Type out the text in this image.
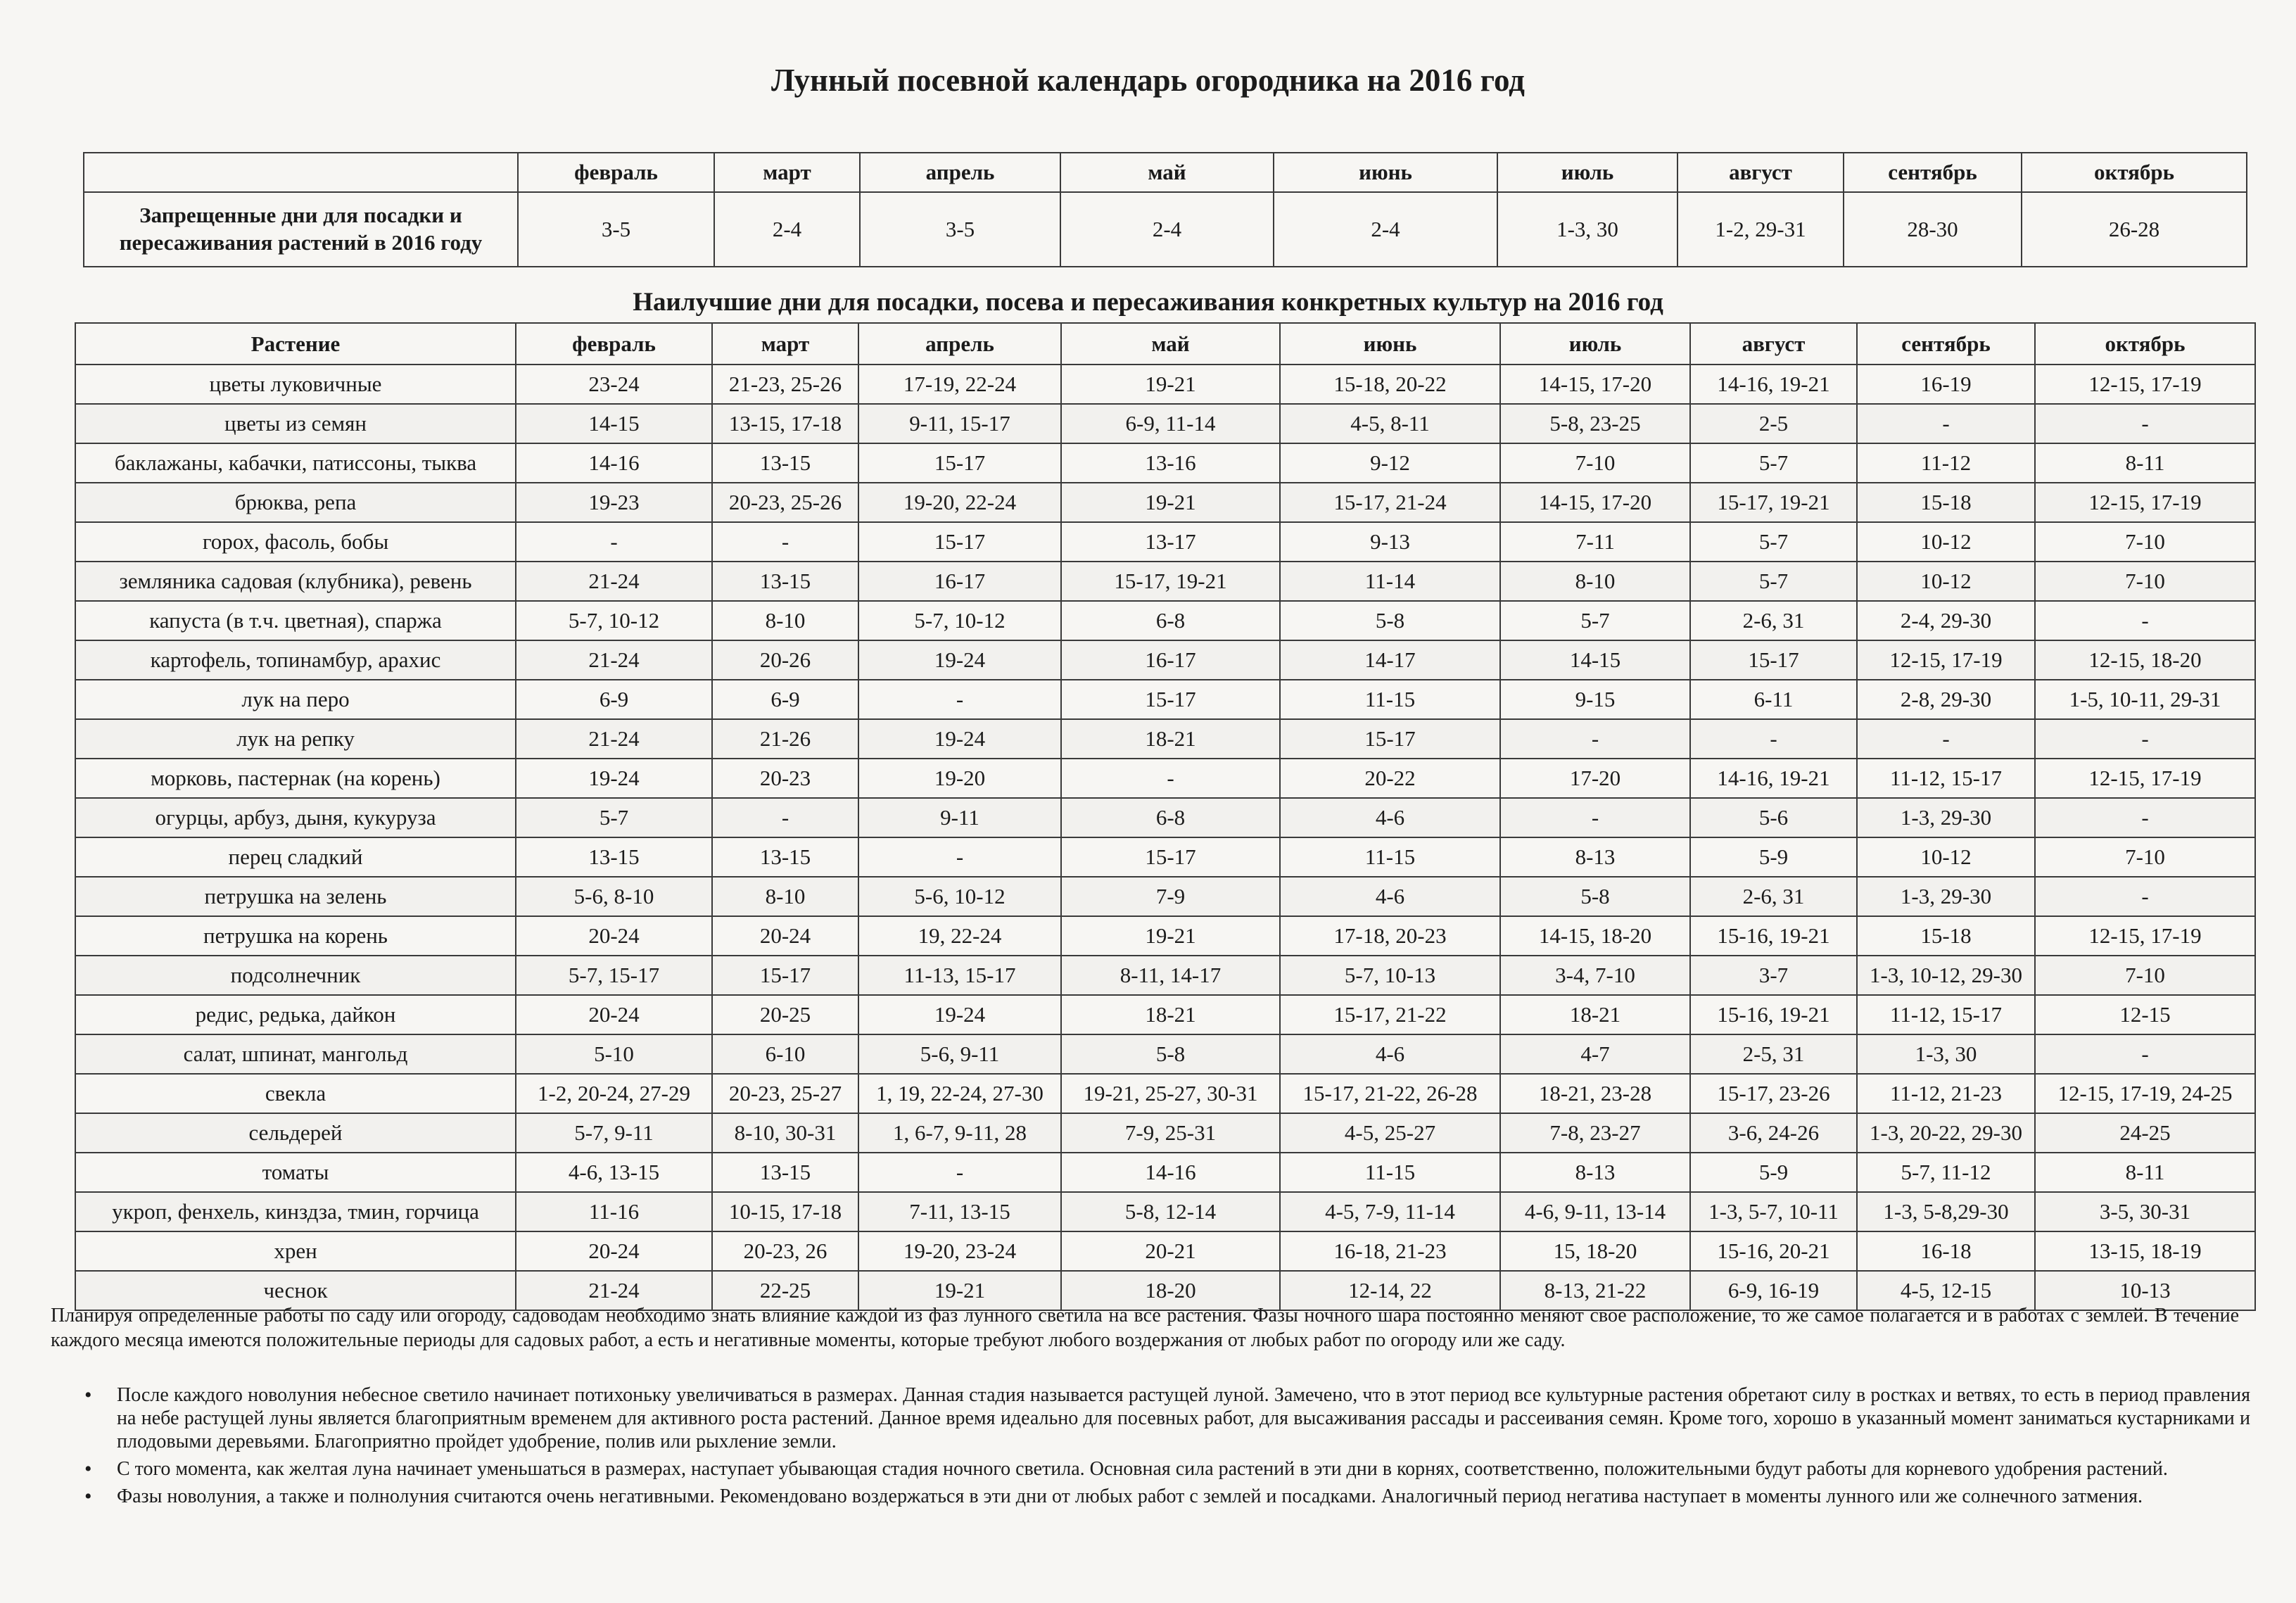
Лунный посевной календарь огородника на 2016 год
	февраль	март	апрель	май	июнь	июль	август	сентябрь	октябрь
Запрещенные дни для посадки и пересаживания растений в 2016 году	3-5	2-4	3-5	2-4	2-4	1-3, 30	1-2, 29-31	28-30	26-28
Наилучшие дни для посадки, посева и пересаживания конкретных культур на 2016 год
Растение	февраль	март	апрель	май	июнь	июль	август	сентябрь	октябрь
цветы луковичные	23-24	21-23, 25-26	17-19, 22-24	19-21	15-18, 20-22	14-15, 17-20	14-16, 19-21	16-19	12-15, 17-19
цветы из семян	14-15	13-15, 17-18	9-11, 15-17	6-9, 11-14	4-5, 8-11	5-8, 23-25	2-5	-	-
баклажаны, кабачки, патиссоны, тыква	14-16	13-15	15-17	13-16	9-12	7-10	5-7	11-12	8-11
брюква, репа	19-23	20-23, 25-26	19-20, 22-24	19-21	15-17, 21-24	14-15, 17-20	15-17, 19-21	15-18	12-15, 17-19
горох, фасоль, бобы	-	-	15-17	13-17	9-13	7-11	5-7	10-12	7-10
земляника садовая (клубника), ревень	21-24	13-15	16-17	15-17, 19-21	11-14	8-10	5-7	10-12	7-10
капуста (в т.ч. цветная), спаржа	5-7, 10-12	8-10	5-7, 10-12	6-8	5-8	5-7	2-6, 31	2-4, 29-30	-
картофель, топинамбур, арахис	21-24	20-26	19-24	16-17	14-17	14-15	15-17	12-15, 17-19	12-15, 18-20
лук на перо	6-9	6-9	-	15-17	11-15	9-15	6-11	2-8, 29-30	1-5, 10-11, 29-31
лук на репку	21-24	21-26	19-24	18-21	15-17	-	-	-	-
морковь, пастернак (на корень)	19-24	20-23	19-20	-	20-22	17-20	14-16, 19-21	11-12, 15-17	12-15, 17-19
огурцы, арбуз, дыня, кукуруза	5-7	-	9-11	6-8	4-6	-	5-6	1-3, 29-30	-
перец сладкий	13-15	13-15	-	15-17	11-15	8-13	5-9	10-12	7-10
петрушка на зелень	5-6, 8-10	8-10	5-6, 10-12	7-9	4-6	5-8	2-6, 31	1-3, 29-30	-
петрушка на корень	20-24	20-24	19, 22-24	19-21	17-18, 20-23	14-15, 18-20	15-16, 19-21	15-18	12-15, 17-19
подсолнечник	5-7, 15-17	15-17	11-13, 15-17	8-11, 14-17	5-7, 10-13	3-4, 7-10	3-7	1-3, 10-12, 29-30	7-10
редис, редька, дайкон	20-24	20-25	19-24	18-21	15-17, 21-22	18-21	15-16, 19-21	11-12, 15-17	12-15
салат, шпинат, мангольд	5-10	6-10	5-6, 9-11	5-8	4-6	4-7	2-5, 31	1-3, 30	-
свекла	1-2, 20-24, 27-29	20-23, 25-27	1, 19, 22-24, 27-30	19-21, 25-27, 30-31	15-17, 21-22, 26-28	18-21, 23-28	15-17, 23-26	11-12, 21-23	12-15, 17-19, 24-25
сельдерей	5-7, 9-11	8-10, 30-31	1, 6-7, 9-11, 28	7-9, 25-31	4-5, 25-27	7-8, 23-27	3-6, 24-26	1-3, 20-22, 29-30	24-25
томаты	4-6, 13-15	13-15	-	14-16	11-15	8-13	5-9	5-7, 11-12	8-11
укроп, фенхель, кинздза, тмин, горчица	11-16	10-15, 17-18	7-11, 13-15	5-8, 12-14	4-5, 7-9, 11-14	4-6, 9-11, 13-14	1-3, 5-7, 10-11	1-3, 5-8,29-30	3-5, 30-31
хрен	20-24	20-23, 26	19-20, 23-24	20-21	16-18, 21-23	15, 18-20	15-16, 20-21	16-18	13-15, 18-19
чеснок	21-24	22-25	19-21	18-20	12-14, 22	8-13, 21-22	6-9, 16-19	4-5, 12-15	10-13
Планируя определенные работы по саду или огороду, садоводам необходимо знать влияние каждой из фаз лунного светила на все растения. Фазы ночного шара постоянно меняют свое расположение, то же самое полагается и в работах с землей. В течение каждого месяца имеются положительные периоды для садовых работ, а есть и негативные моменты, которые требуют любого воздержания от любых работ по огороду или же саду.
• После каждого новолуния небесное светило начинает потихоньку увеличиваться в размерах. Данная стадия называется растущей луной. Замечено, что в этот период все культурные растения обретают силу в ростках и ветвях, то есть в период правления на небе растущей луны является благоприятным временем для активного роста растений. Данное время идеально для посевных работ, для высаживания рассады и рассеивания семян. Кроме того, хорошо в указанный момент заниматься кустарниками и плодовыми деревьями. Благоприятно пройдет удобрение, полив или рыхление земли.
• С того момента, как желтая луна начинает уменьшаться в размерах, наступает убывающая стадия ночного светила. Основная сила растений в эти дни в корнях, соответственно, положительными будут работы для корневого удобрения растений.
• Фазы новолуния, а также и полнолуния считаются очень негативными. Рекомендовано воздержаться в эти дни от любых работ с землей и посадками. Аналогичный период негатива наступает в моменты лунного или же солнечного затмения.
